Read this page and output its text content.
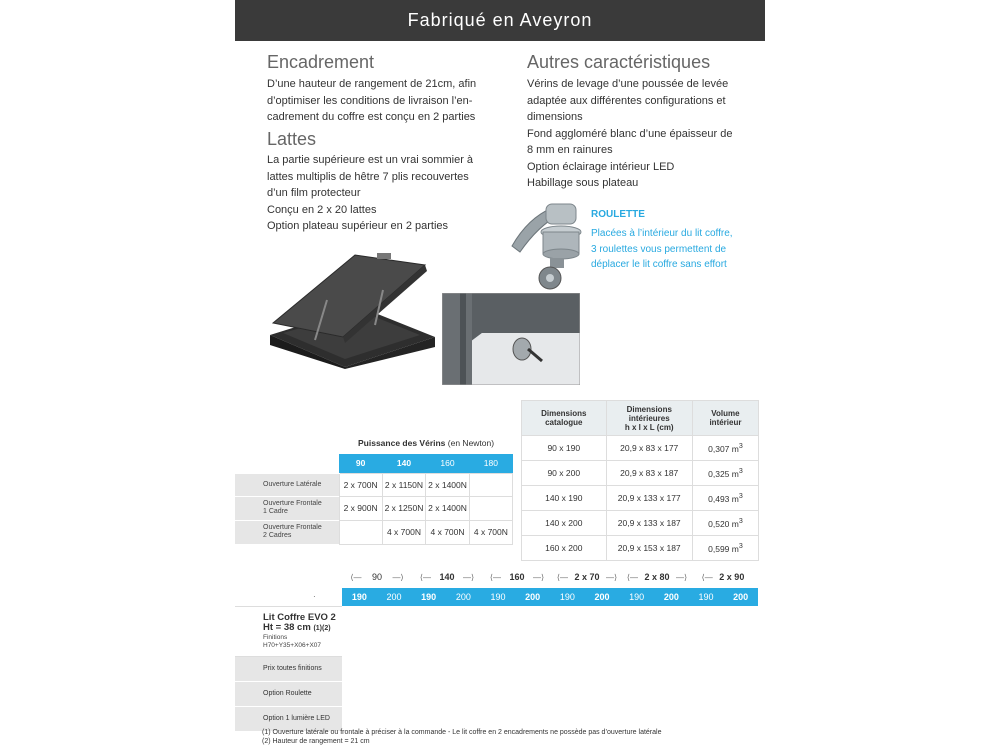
Fabriqué en Aveyron
Encadrement

D’une hauteur de rangement de 21cm, afin

d’optimiser les conditions de livraison l’en-

cadrement du coffre est conçu en 2 parties

Lattes

La partie supérieure est un vrai sommier à

lattes multiplis de hêtre 7 plis recouvertes

d’un film protecteur

Conçu en 2 x 20 lattes

Option plateau supérieur en 2 parties

Autres caractéristiques

Vérins de levage d’une poussée de levée

adaptée aux différentes configurations et

dimensions

Fond aggloméré blanc d’une épaisseur de

8 mm en rainures

Option éclairage intérieur LED

Habillage sous plateau

ROULETTE

Placées à l’intérieur du lit coffre,

3 roulettes vous permettent de

déplacer le lit coffre sans effort

Puissance des Vérins (en Newton)
	90	140	160	180
Ouverture Latérale	2 x 700N	2 x 1150N	2 x 1400N	
Ouverture Frontale
1 Cadre	2 x 900N	2 x 1250N	2 x 1400N	
Ouverture Frontale
2 Cadres		4 x 700N	4 x 700N	4 x 700N
Dimensions
catalogue	Dimensions
intérieures
h x l x L (cm)	Volume
intérieur
90 x 190	20,9 x 83 x 177	0,307 $m^3$
90 x 200	20,9 x 83 x 187	0,325 $m^3$
140 x 190	20,9 x 133 x 177	0,493 $m^3$
140 x 200	20,9 x 133 x 187	0,520 $m^3$
160 x 200	20,9 x 153 x 187	0,599 $m^3$
⟨— 90 —⟩	⟨— 140 —⟩	⟨— 160 —⟩	⟨— 2 x 70 —⟩	⟨— 2 x 80 —⟩	⟨— 2 x 90
·	190	200	190	200	190	200	190	200	190	200	190	200
Lit Coffre EVO 2
Ht = 38 cm (1)(2)
Finitions
H70+Y35+X06+X07
Prix toutes finitions
Option Roulette
Option 1 lumière LED
(1) Ouverture latérale ou frontale à préciser à la commande - Le lit coffre en 2 encadrements ne possède pas d’ouverture latérale
(2) Hauteur de rangement = 21 cm
